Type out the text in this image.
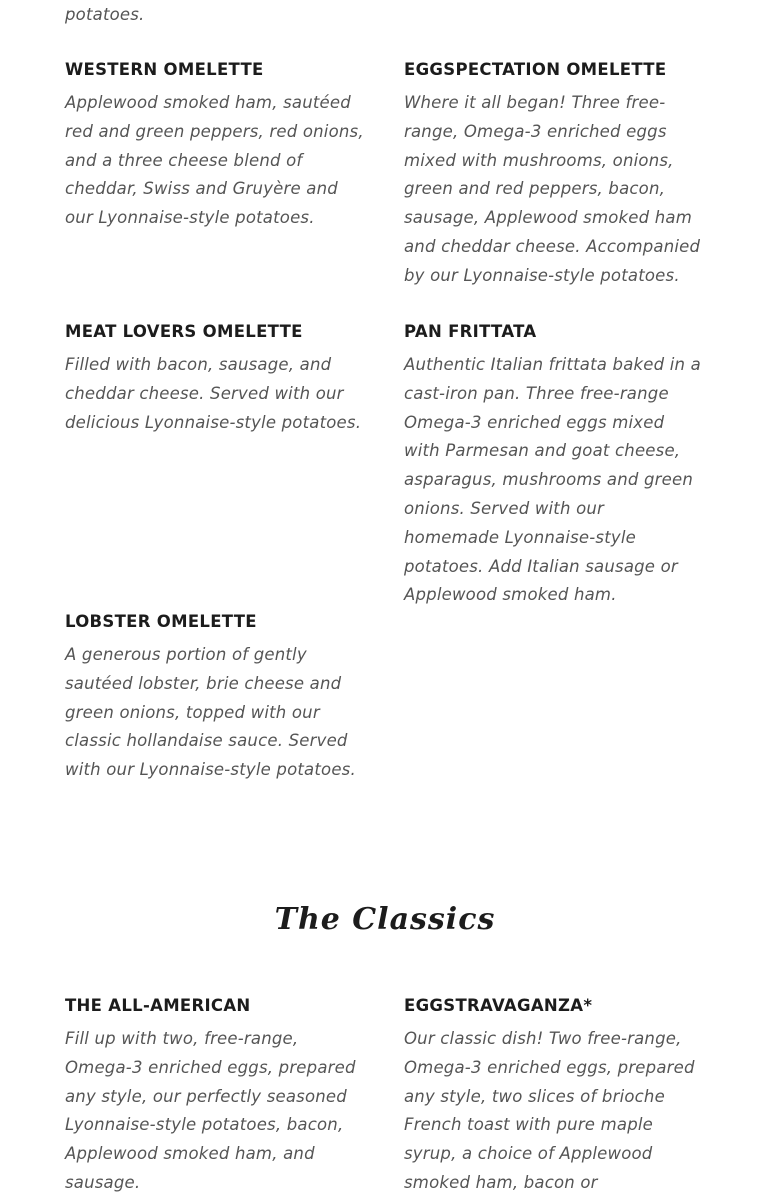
potatoes.

WESTERN OMELETTE

Applewood smoked ham, sautéed red and green peppers, red onions, and a three cheese blend of cheddar, Swiss and Gruyère and our Lyonnaise-style potatoes.

EGGSPECTATION OMELETTE

Where it all began! Three free-range, Omega-3 enriched eggs mixed with mushrooms, onions, green and red peppers, bacon, sausage, Applewood smoked ham and cheddar cheese. Accompanied by our Lyonnaise-style potatoes.

MEAT LOVERS OMELETTE

Filled with bacon, sausage, and cheddar cheese. Served with our delicious Lyonnaise-style potatoes.

PAN FRITTATA

Authentic Italian frittata baked in a cast-iron pan. Three free-range Omega-3 enriched eggs mixed with Parmesan and goat cheese, asparagus, mushrooms and green onions. Served with our homemade Lyonnaise-style potatoes. Add Italian sausage or Applewood smoked ham.

LOBSTER OMELETTE

A generous portion of gently sautéed lobster, brie cheese and green onions, topped with our classic hollandaise sauce. Served with our Lyonnaise-style potatoes.

The Classics
THE ALL-AMERICAN

Fill up with two, free-range, Omega-3 enriched eggs, prepared any style, our perfectly seasoned Lyonnaise-style potatoes, bacon, Applewood smoked ham, and sausage.

EGGSTRAVAGANZA*

Our classic dish! Two free-range, Omega-3 enriched eggs, prepared any style, two slices of brioche French toast with pure maple syrup, a choice of Applewood smoked ham, bacon or
